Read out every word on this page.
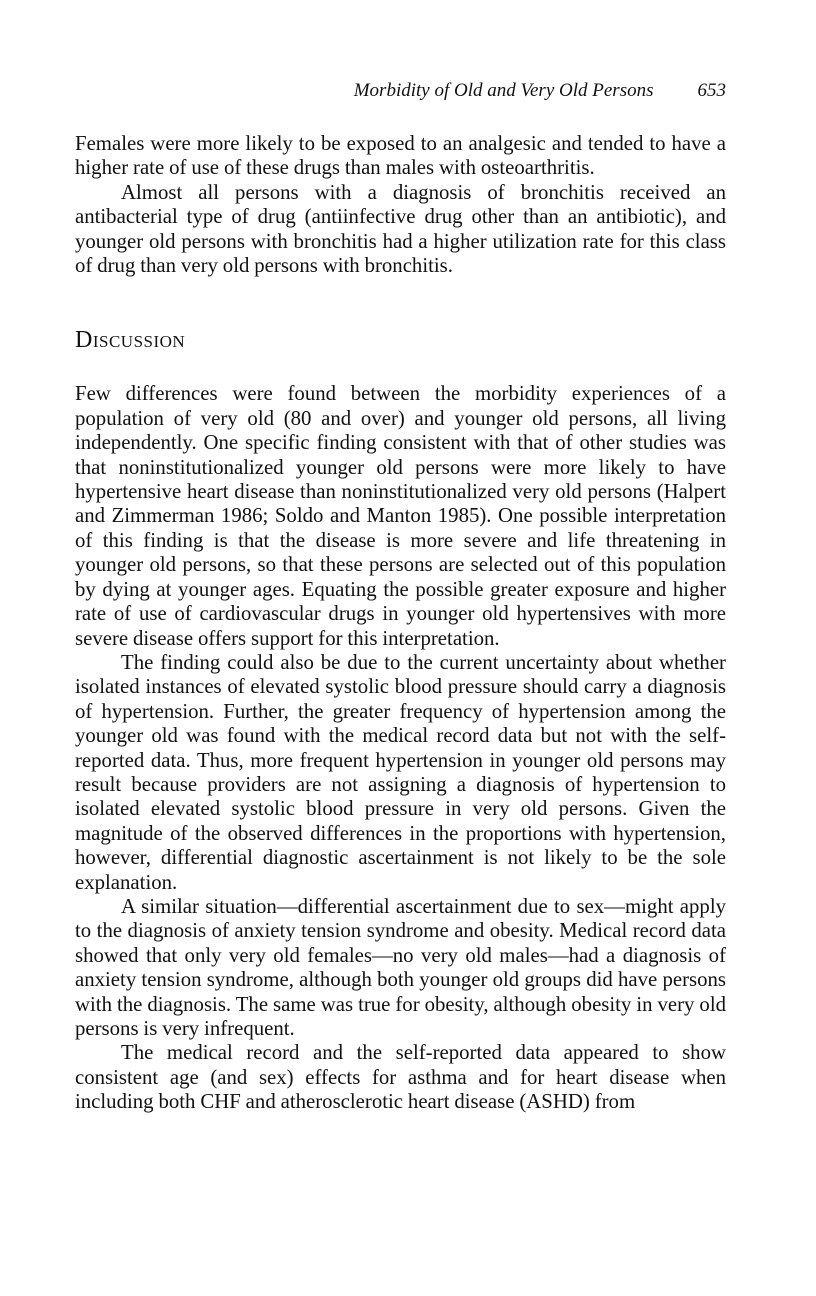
Morbidity of Old and Very Old Persons 653

Females were more likely to be exposed to an analgesic and tended to have a higher rate of use of these drugs than males with osteoarthritis.

Almost all persons with a diagnosis of bronchitis received an antibacterial type of drug (antiinfective drug other than an antibiotic), and younger old persons with bronchitis had a higher utilization rate for this class of drug than very old persons with bronchitis.

Discussion

Few differences were found between the morbidity experiences of a population of very old (80 and over) and younger old persons, all living independently. One specific finding consistent with that of other studies was that noninstitutionalized younger old persons were more likely to have hypertensive heart disease than noninstitutionalized very old persons (Halpert and Zimmerman 1986; Soldo and Manton 1985). One possible interpretation of this finding is that the disease is more severe and life threatening in younger old persons, so that these persons are selected out of this population by dying at younger ages. Equating the possible greater exposure and higher rate of use of cardiovascular drugs in younger old hypertensives with more severe disease offers support for this interpretation.

The finding could also be due to the current uncertainty about whether isolated instances of elevated systolic blood pressure should carry a diagnosis of hypertension. Further, the greater frequency of hypertension among the younger old was found with the medical record data but not with the self-reported data. Thus, more frequent hypertension in younger old persons may result because providers are not assigning a diagnosis of hypertension to isolated elevated systolic blood pressure in very old persons. Given the magnitude of the observed differences in the proportions with hypertension, however, differential diagnostic ascertainment is not likely to be the sole explanation.

A similar situation—differential ascertainment due to sex—might apply to the diagnosis of anxiety tension syndrome and obesity. Medical record data showed that only very old females—no very old males—had a diagnosis of anxiety tension syndrome, although both younger old groups did have persons with the diagnosis. The same was true for obesity, although obesity in very old persons is very infrequent.

The medical record and the self-reported data appeared to show consistent age (and sex) effects for asthma and for heart disease when including both CHF and atherosclerotic heart disease (ASHD) from
